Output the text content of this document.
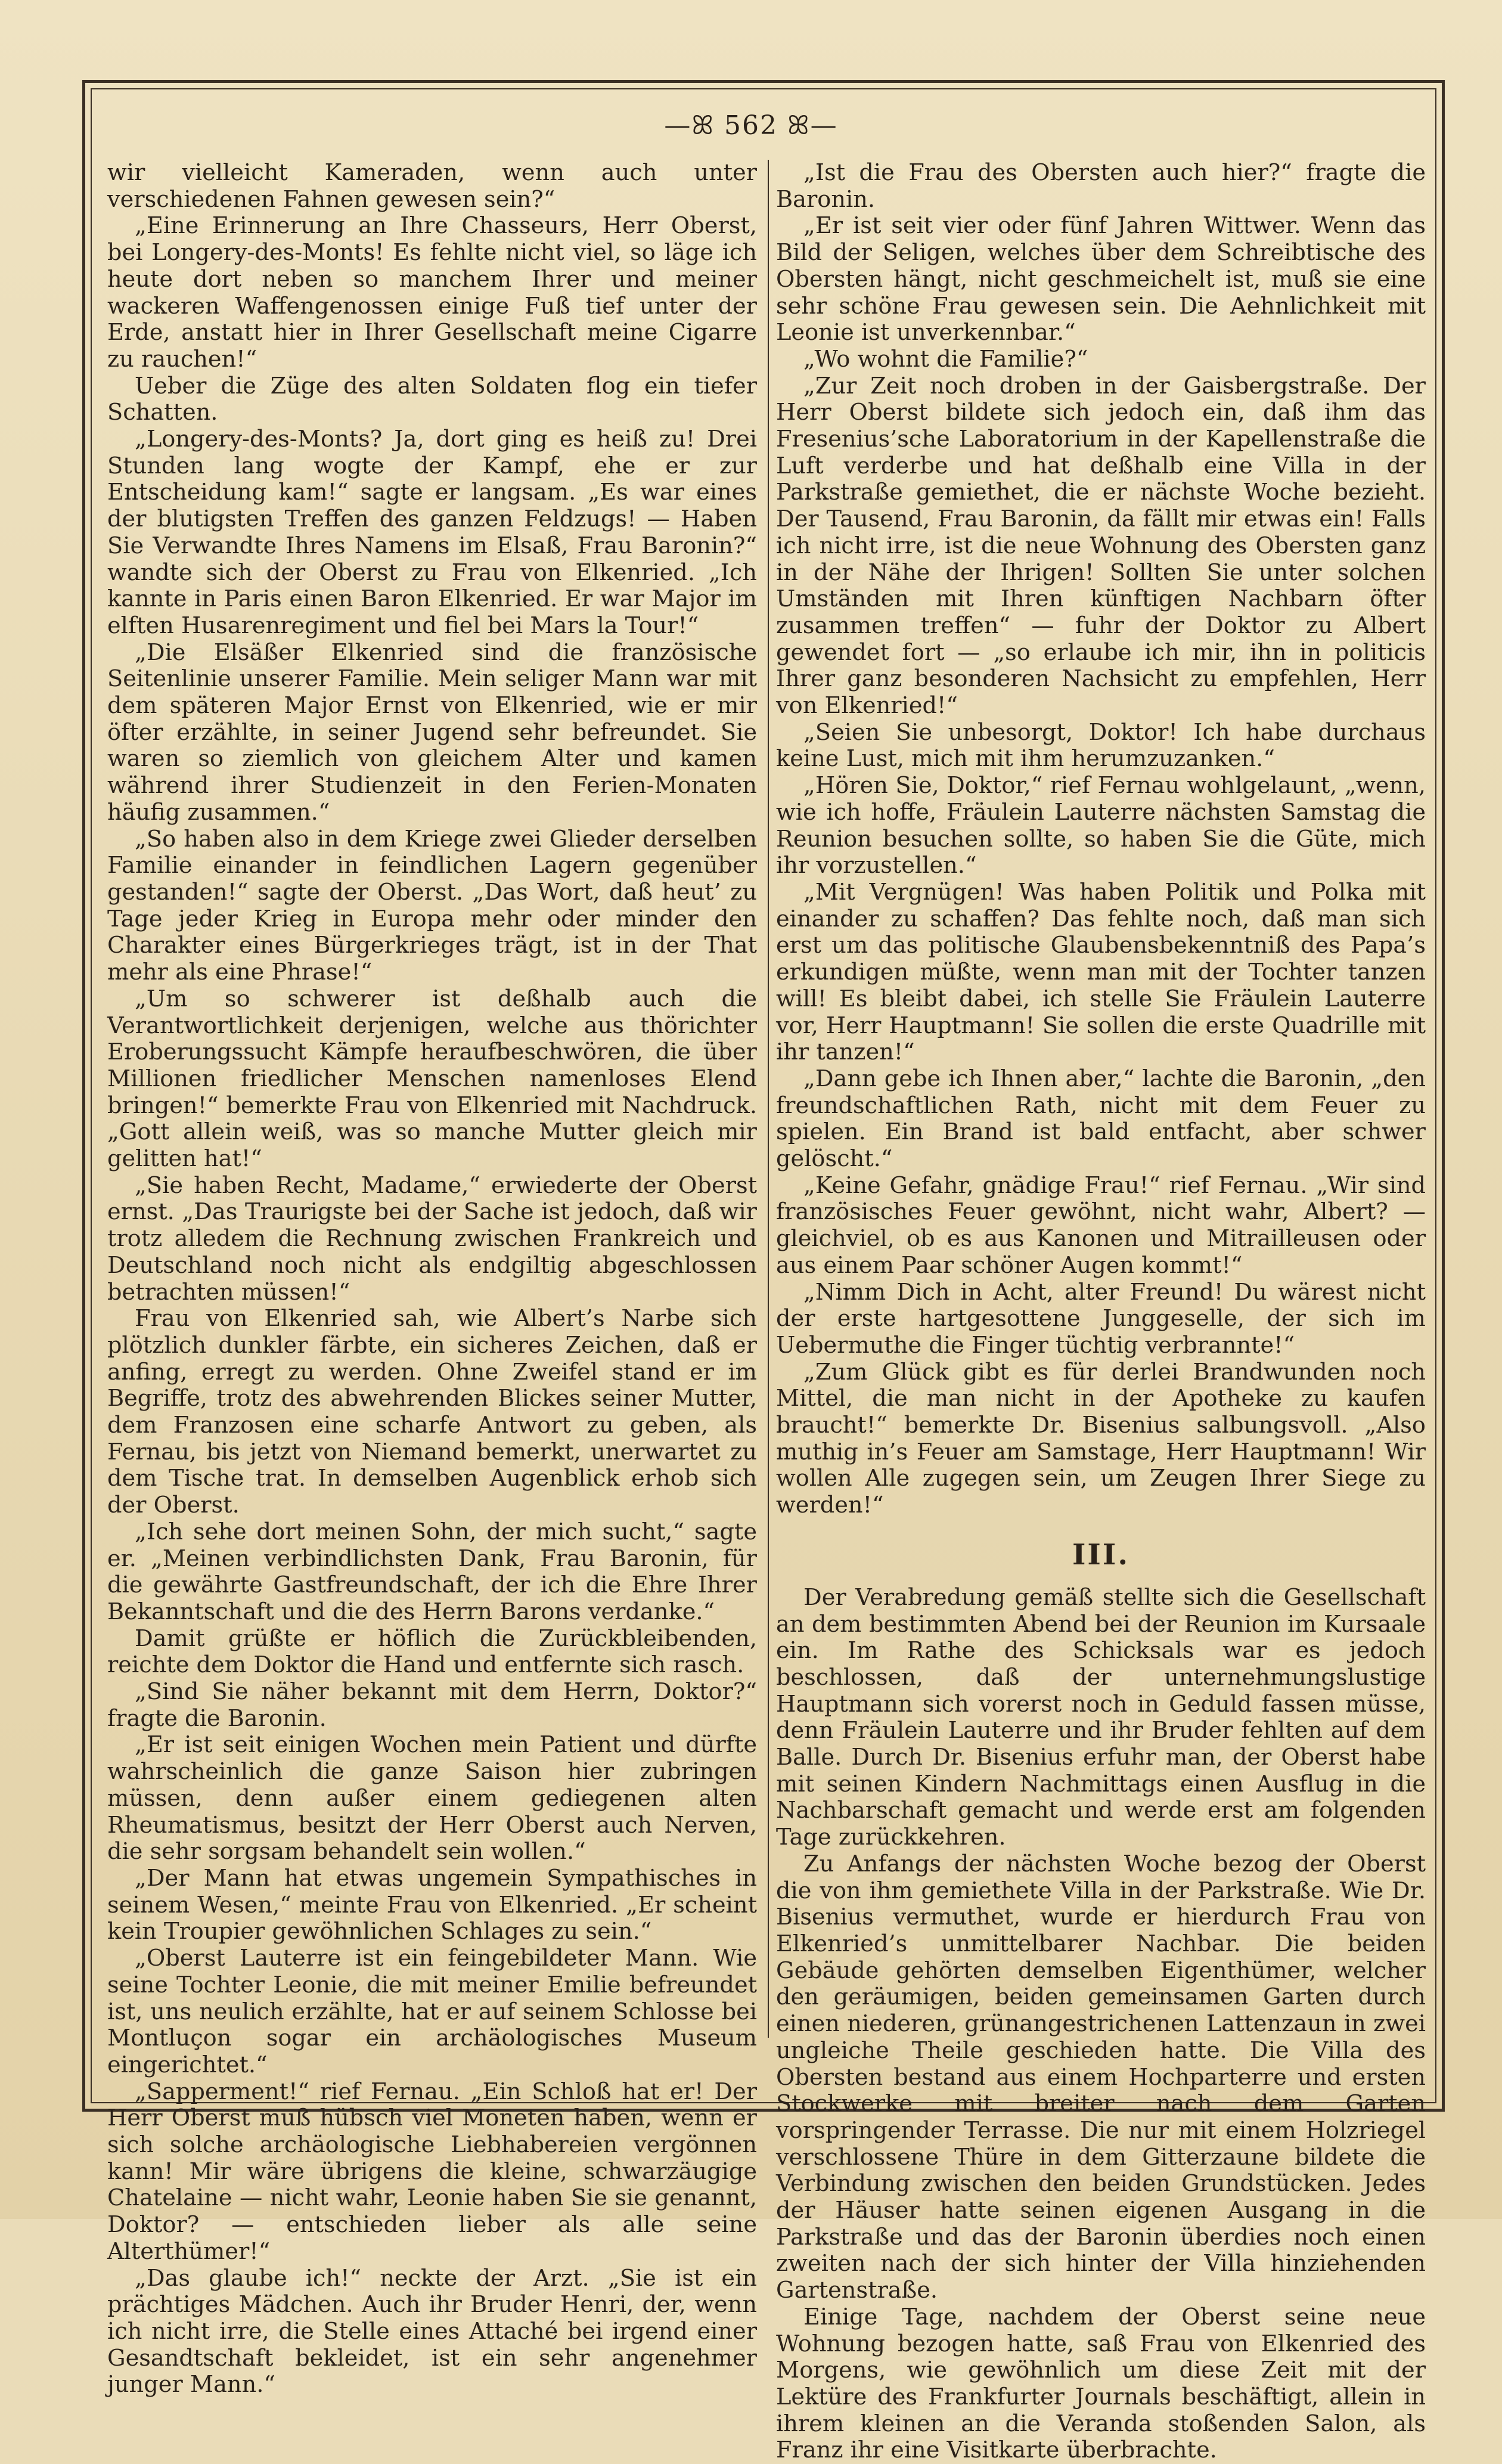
—ꕤ 562 ꕤ—

wir vielleicht Kameraden, wenn auch unter verschiedenen Fahnen gewesen sein?“

„Eine Erinnerung an Ihre Chasseurs, Herr Oberst, bei Longery-des-Monts! Es fehlte nicht viel, so läge ich heute dort neben so manchem Ihrer und meiner wackeren Waffengenossen einige Fuß tief unter der Erde, anstatt hier in Ihrer Gesellschaft meine Cigarre zu rauchen!“

Ueber die Züge des alten Soldaten flog ein tiefer Schatten.

„Longery-des-Monts? Ja, dort ging es heiß zu! Drei Stunden lang wogte der Kampf, ehe er zur Entscheidung kam!“ sagte er langsam. „Es war eines der blutigsten Treffen des ganzen Feldzugs! — Haben Sie Verwandte Ihres Namens im Elsaß, Frau Baronin?“ wandte sich der Oberst zu Frau von Elkenried. „Ich kannte in Paris einen Baron Elkenried. Er war Major im elften Husarenregiment und fiel bei Mars la Tour!“

„Die Elsäßer Elkenried sind die französische Seitenlinie unserer Familie. Mein seliger Mann war mit dem späteren Major Ernst von Elkenried, wie er mir öfter erzählte, in seiner Jugend sehr befreundet. Sie waren so ziemlich von gleichem Alter und kamen während ihrer Studienzeit in den Ferien-Monaten häufig zusammen.“

„So haben also in dem Kriege zwei Glieder derselben Familie einander in feindlichen Lagern gegenüber gestanden!“ sagte der Oberst. „Das Wort, daß heut’ zu Tage jeder Krieg in Europa mehr oder minder den Charakter eines Bürgerkrieges trägt, ist in der That mehr als eine Phrase!“

„Um so schwerer ist deßhalb auch die Verantwortlichkeit derjenigen, welche aus thörichter Eroberungssucht Kämpfe heraufbeschwören, die über Millionen friedlicher Menschen namenloses Elend bringen!“ bemerkte Frau von Elkenried mit Nachdruck. „Gott allein weiß, was so manche Mutter gleich mir gelitten hat!“

„Sie haben Recht, Madame,“ erwiederte der Oberst ernst. „Das Traurigste bei der Sache ist jedoch, daß wir trotz alledem die Rechnung zwischen Frankreich und Deutschland noch nicht als endgiltig abgeschlossen betrachten müssen!“

Frau von Elkenried sah, wie Albert’s Narbe sich plötzlich dunkler färbte, ein sicheres Zeichen, daß er anfing, erregt zu werden. Ohne Zweifel stand er im Begriffe, trotz des abwehrenden Blickes seiner Mutter, dem Franzosen eine scharfe Antwort zu geben, als Fernau, bis jetzt von Niemand bemerkt, unerwartet zu dem Tische trat. In demselben Augenblick erhob sich der Oberst.

„Ich sehe dort meinen Sohn, der mich sucht,“ sagte er. „Meinen verbindlichsten Dank, Frau Baronin, für die gewährte Gastfreundschaft, der ich die Ehre Ihrer Bekanntschaft und die des Herrn Barons verdanke.“

Damit grüßte er höflich die Zurückbleibenden, reichte dem Doktor die Hand und entfernte sich rasch.

„Sind Sie näher bekannt mit dem Herrn, Doktor?“ fragte die Baronin.

„Er ist seit einigen Wochen mein Patient und dürfte wahrscheinlich die ganze Saison hier zubringen müssen, denn außer einem gediegenen alten Rheumatismus, besitzt der Herr Oberst auch Nerven, die sehr sorgsam behandelt sein wollen.“

„Der Mann hat etwas ungemein Sympathisches in seinem Wesen,“ meinte Frau von Elkenried. „Er scheint kein Troupier gewöhnlichen Schlages zu sein.“

„Oberst Lauterre ist ein feingebildeter Mann. Wie seine Tochter Leonie, die mit meiner Emilie befreundet ist, uns neulich erzählte, hat er auf seinem Schlosse bei Montluçon sogar ein archäologisches Museum eingerichtet.“

„Sapperment!“ rief Fernau. „Ein Schloß hat er! Der Herr Oberst muß hübsch viel Moneten haben, wenn er sich solche archäologische Liebhabereien vergönnen kann! Mir wäre übrigens die kleine, schwarzäugige Chatelaine — nicht wahr, Leonie haben Sie sie genannt, Doktor? — entschieden lieber als alle seine Alterthümer!“

„Das glaube ich!“ neckte der Arzt. „Sie ist ein prächtiges Mädchen. Auch ihr Bruder Henri, der, wenn ich nicht irre, die Stelle eines Attaché bei irgend einer Gesandtschaft bekleidet, ist ein sehr angenehmer junger Mann.“

„Ist die Frau des Obersten auch hier?“ fragte die Baronin.

„Er ist seit vier oder fünf Jahren Wittwer. Wenn das Bild der Seligen, welches über dem Schreibtische des Obersten hängt, nicht geschmeichelt ist, muß sie eine sehr schöne Frau gewesen sein. Die Aehnlichkeit mit Leonie ist unverkennbar.“

„Wo wohnt die Familie?“

„Zur Zeit noch droben in der Gaisbergstraße. Der Herr Oberst bildete sich jedoch ein, daß ihm das Fresenius’sche Laboratorium in der Kapellenstraße die Luft verderbe und hat deßhalb eine Villa in der Parkstraße gemiethet, die er nächste Woche bezieht. Der Tausend, Frau Baronin, da fällt mir etwas ein! Falls ich nicht irre, ist die neue Wohnung des Obersten ganz in der Nähe der Ihrigen! Sollten Sie unter solchen Umständen mit Ihren künftigen Nachbarn öfter zusammen treffen“ — fuhr der Doktor zu Albert gewendet fort — „so erlaube ich mir, ihn in politicis Ihrer ganz besonderen Nachsicht zu empfehlen, Herr von Elkenried!“

„Seien Sie unbesorgt, Doktor! Ich habe durchaus keine Lust, mich mit ihm herumzuzanken.“

„Hören Sie, Doktor,“ rief Fernau wohlgelaunt, „wenn, wie ich hoffe, Fräulein Lauterre nächsten Samstag die Reunion besuchen sollte, so haben Sie die Güte, mich ihr vorzustellen.“

„Mit Vergnügen! Was haben Politik und Polka mit einander zu schaffen? Das fehlte noch, daß man sich erst um das politische Glaubensbekenntniß des Papa’s erkundigen müßte, wenn man mit der Tochter tanzen will! Es bleibt dabei, ich stelle Sie Fräulein Lauterre vor, Herr Hauptmann! Sie sollen die erste Quadrille mit ihr tanzen!“

„Dann gebe ich Ihnen aber,“ lachte die Baronin, „den freundschaftlichen Rath, nicht mit dem Feuer zu spielen. Ein Brand ist bald entfacht, aber schwer gelöscht.“

„Keine Gefahr, gnädige Frau!“ rief Fernau. „Wir sind französisches Feuer gewöhnt, nicht wahr, Albert? — gleichviel, ob es aus Kanonen und Mitrailleusen oder aus einem Paar schöner Augen kommt!“

„Nimm Dich in Acht, alter Freund! Du wärest nicht der erste hartgesottene Junggeselle, der sich im Uebermuthe die Finger tüchtig verbrannte!“

„Zum Glück gibt es für derlei Brandwunden noch Mittel, die man nicht in der Apotheke zu kaufen braucht!“ bemerkte Dr. Bisenius salbungsvoll. „Also muthig in’s Feuer am Samstage, Herr Hauptmann! Wir wollen Alle zugegen sein, um Zeugen Ihrer Siege zu werden!“

III.

Der Verabredung gemäß stellte sich die Gesellschaft an dem bestimmten Abend bei der Reunion im Kursaale ein. Im Rathe des Schicksals war es jedoch beschlossen, daß der unternehmungslustige Hauptmann sich vorerst noch in Geduld fassen müsse, denn Fräulein Lauterre und ihr Bruder fehlten auf dem Balle. Durch Dr. Bisenius erfuhr man, der Oberst habe mit seinen Kindern Nachmittags einen Ausflug in die Nachbarschaft gemacht und werde erst am folgenden Tage zurückkehren.

Zu Anfangs der nächsten Woche bezog der Oberst die von ihm gemiethete Villa in der Parkstraße. Wie Dr. Bisenius vermuthet, wurde er hierdurch Frau von Elkenried’s unmittelbarer Nachbar. Die beiden Gebäude gehörten demselben Eigenthümer, welcher den geräumigen, beiden gemeinsamen Garten durch einen niederen, grünangestrichenen Lattenzaun in zwei ungleiche Theile geschieden hatte. Die Villa des Obersten bestand aus einem Hochparterre und ersten Stockwerke mit breiter nach dem Garten vorspringender Terrasse. Die nur mit einem Holzriegel verschlossene Thüre in dem Gitterzaune bildete die Verbindung zwischen den beiden Grundstücken. Jedes der Häuser hatte seinen eigenen Ausgang in die Parkstraße und das der Baronin überdies noch einen zweiten nach der sich hinter der Villa hinziehenden Gartenstraße.

Einige Tage, nachdem der Oberst seine neue Wohnung bezogen hatte, saß Frau von Elkenried des Morgens, wie gewöhnlich um diese Zeit mit der Lektüre des Frankfurter Journals beschäftigt, allein in ihrem kleinen an die Veranda stoßenden Salon, als Franz ihr eine Visitkarte überbrachte.
